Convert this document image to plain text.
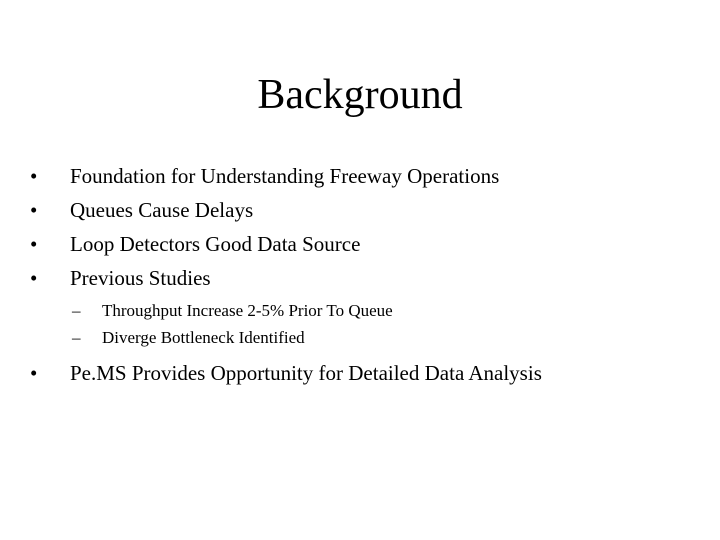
Background
• Foundation for Understanding Freeway Operations
• Queues Cause Delays
• Loop Detectors Good Data Source
• Previous Studies
– Throughput Increase 2-5% Prior To Queue
– Diverge Bottleneck Identified
• Pe.MS Provides Opportunity for Detailed Data Analysis
